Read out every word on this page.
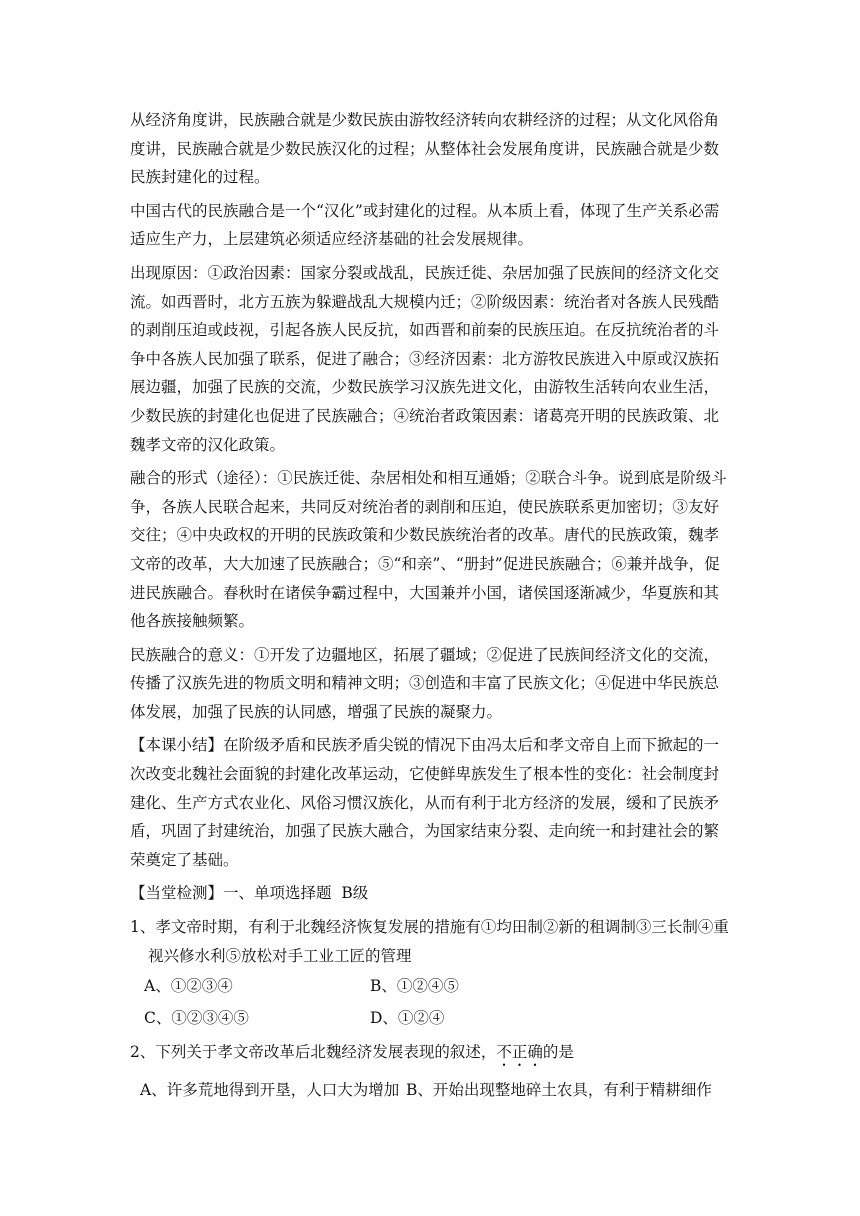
从经济角度讲，民族融合就是少数民族由游牧经济转向农耕经济的过程；从文化风俗角度讲，民族融合就是少数民族汉化的过程；从整体社会发展角度讲，民族融合就是少数民族封建化的过程。

中国古代的民族融合是一个“汉化”或封建化的过程。从本质上看，体现了生产关系必需适应生产力，上层建筑必须适应经济基础的社会发展规律。

出现原因：①政治因素：国家分裂或战乱，民族迁徙、杂居加强了民族间的经济文化交流。如西晋时，北方五族为躲避战乱大规模内迁；②阶级因素：统治者对各族人民残酷的剥削压迫或歧视，引起各族人民反抗，如西晋和前秦的民族压迫。在反抗统治者的斗争中各族人民加强了联系，促进了融合；③经济因素：北方游牧民族进入中原或汉族拓展边疆，加强了民族的交流，少数民族学习汉族先进文化，由游牧生活转向农业生活，少数民族的封建化也促进了民族融合；④统治者政策因素：诸葛亮开明的民族政策、北魏孝文帝的汉化政策。

融合的形式（途径）：①民族迁徙、杂居相处和相互通婚；②联合斗争。说到底是阶级斗争，各族人民联合起来，共同反对统治者的剥削和压迫，使民族联系更加密切；③友好交往；④中央政权的开明的民族政策和少数民族统治者的改革。唐代的民族政策，魏孝文帝的改革，大大加速了民族融合；⑤“和亲”、“册封”促进民族融合；⑥兼并战争，促进民族融合。春秋时在诸侯争霸过程中，大国兼并小国，诸侯国逐渐减少，华夏族和其他各族接触频繁。

民族融合的意义：①开发了边疆地区，拓展了疆域；②促进了民族间经济文化的交流，传播了汉族先进的物质文明和精神文明；③创造和丰富了民族文化；④促进中华民族总体发展，加强了民族的认同感，增强了民族的凝聚力。

【本课小结】在阶级矛盾和民族矛盾尖锐的情况下由冯太后和孝文帝自上而下掀起的一次改变北魏社会面貌的封建化改革运动，它使鲜卑族发生了根本性的变化：社会制度封建化、生产方式农业化、风俗习惯汉族化，从而有利于北方经济的发展，缓和了民族矛盾，巩固了封建统治，加强了民族大融合，为国家结束分裂、走向统一和封建社会的繁荣奠定了基础。

【当堂检测】一、单项选择题  B级

1、孝文帝时期，有利于北魏经济恢复发展的措施有①均田制②新的租调制③三长制④重视兴修水利⑤放松对手工业工匠的管理

A、①②③④	B、①②④⑤
C、①②③④⑤	D、①②④

2、下列关于孝文帝改革后北魏经济发展表现的叙述，不正确的是

A、许多荒地得到开垦，人口大为增加 B、开始出现整地碎土农具，有利于精耕细作
